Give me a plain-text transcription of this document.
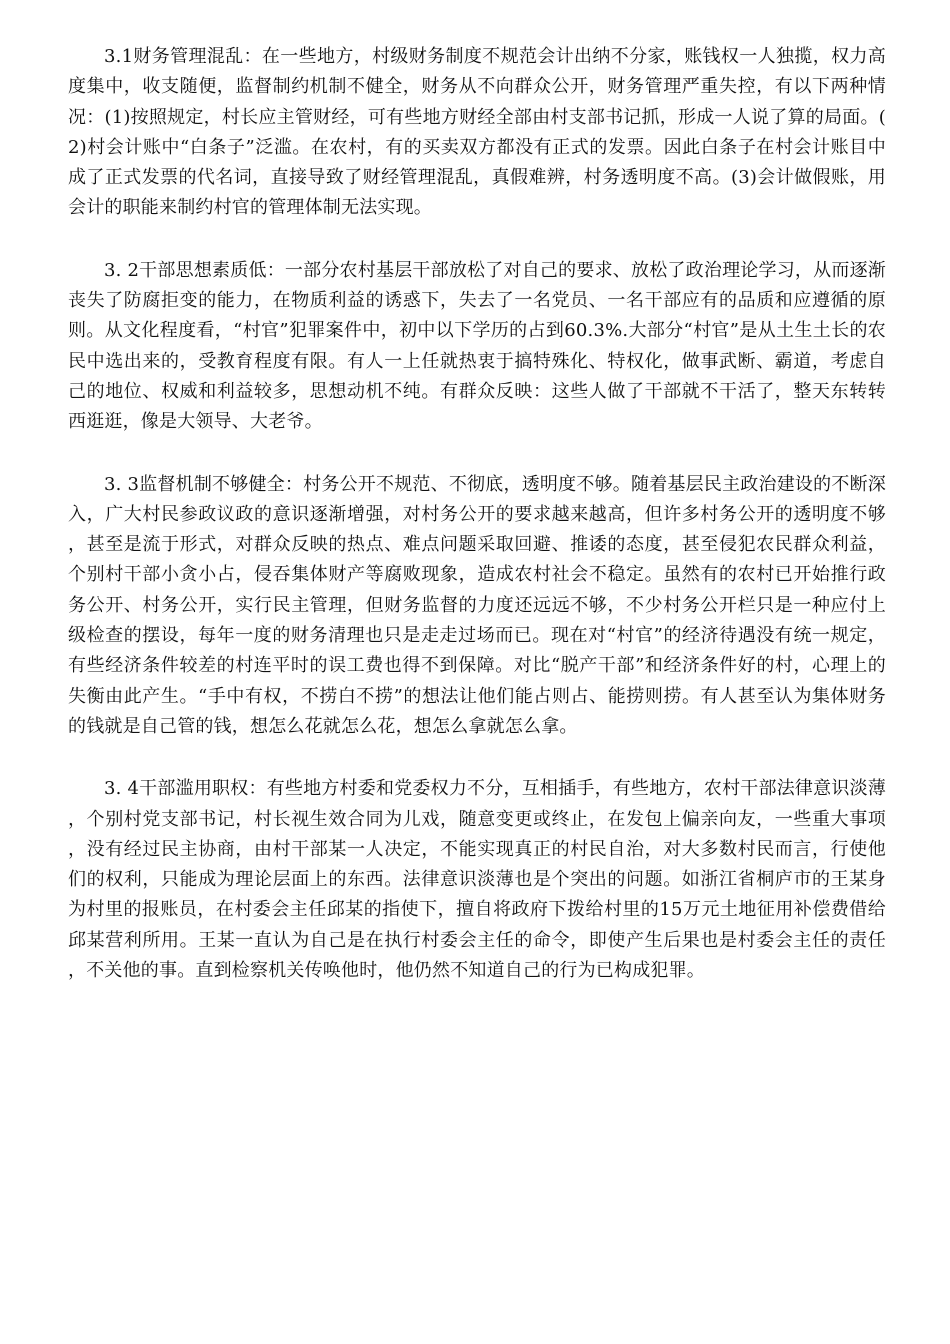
3.1财务管理混乱：在一些地方，村级财务制度不规范会计出纳不分家，账钱权一人独揽，权力高度集中，收支随便，监督制约机制不健全，财务从不向群众公开，财务管理严重失控，有以下两种情况：(1)按照规定，村长应主管财经，可有些地方财经全部由村支部书记抓，形成一人说了算的局面。(2)村会计账中“白条子”泛滥。在农村，有的买卖双方都没有正式的发票。因此白条子在村会计账目中成了正式发票的代名词，直接导致了财经管理混乱，真假难辨，村务透明度不高。(3)会计做假账，用会计的职能来制约村官的管理体制无法实现。

3. 2干部思想素质低：一部分农村基层干部放松了对自己的要求、放松了政治理论学习，从而逐渐丧失了防腐拒变的能力，在物质利益的诱惑下，失去了一名党员、一名干部应有的品质和应遵循的原则。从文化程度看，“村官”犯罪案件中，初中以下学历的占到60.3%.大部分“村官”是从土生土长的农民中选出来的，受教育程度有限。有人一上任就热衷于搞特殊化、特权化，做事武断、霸道，考虑自己的地位、权威和利益较多，思想动机不纯。有群众反映：这些人做了干部就不干活了，整天东转转西逛逛，像是大领导、大老爷。

3. 3监督机制不够健全：村务公开不规范、不彻底，透明度不够。随着基层民主政治建设的不断深入，广大村民参政议政的意识逐渐增强，对村务公开的要求越来越高，但许多村务公开的透明度不够，甚至是流于形式，对群众反映的热点、难点问题采取回避、推诿的态度，甚至侵犯农民群众利益，个别村干部小贪小占，侵吞集体财产等腐败现象，造成农村社会不稳定。虽然有的农村已开始推行政务公开、村务公开，实行民主管理，但财务监督的力度还远远不够，不少村务公开栏只是一种应付上级检查的摆设，每年一度的财务清理也只是走走过场而已。现在对“村官”的经济待遇没有统一规定，有些经济条件较差的村连平时的误工费也得不到保障。对比“脱产干部”和经济条件好的村，心理上的失衡由此产生。“手中有权，不捞白不捞”的想法让他们能占则占、能捞则捞。有人甚至认为集体财务的钱就是自己管的钱，想怎么花就怎么花，想怎么拿就怎么拿。

3. 4干部滥用职权：有些地方村委和党委权力不分，互相插手，有些地方，农村干部法律意识淡薄，个别村党支部书记，村长视生效合同为儿戏，随意变更或终止，在发包上偏亲向友，一些重大事项，没有经过民主协商，由村干部某一人决定，不能实现真正的村民自治，对大多数村民而言，行使他们的权利，只能成为理论层面上的东西。法律意识淡薄也是个突出的问题。如浙江省桐庐市的王某身为村里的报账员，在村委会主任邱某的指使下，擅自将政府下拨给村里的15万元土地征用补偿费借给邱某营利所用。王某一直认为自己是在执行村委会主任的命令，即使产生后果也是村委会主任的责任，不关他的事。直到检察机关传唤他时，他仍然不知道自己的行为已构成犯罪。
